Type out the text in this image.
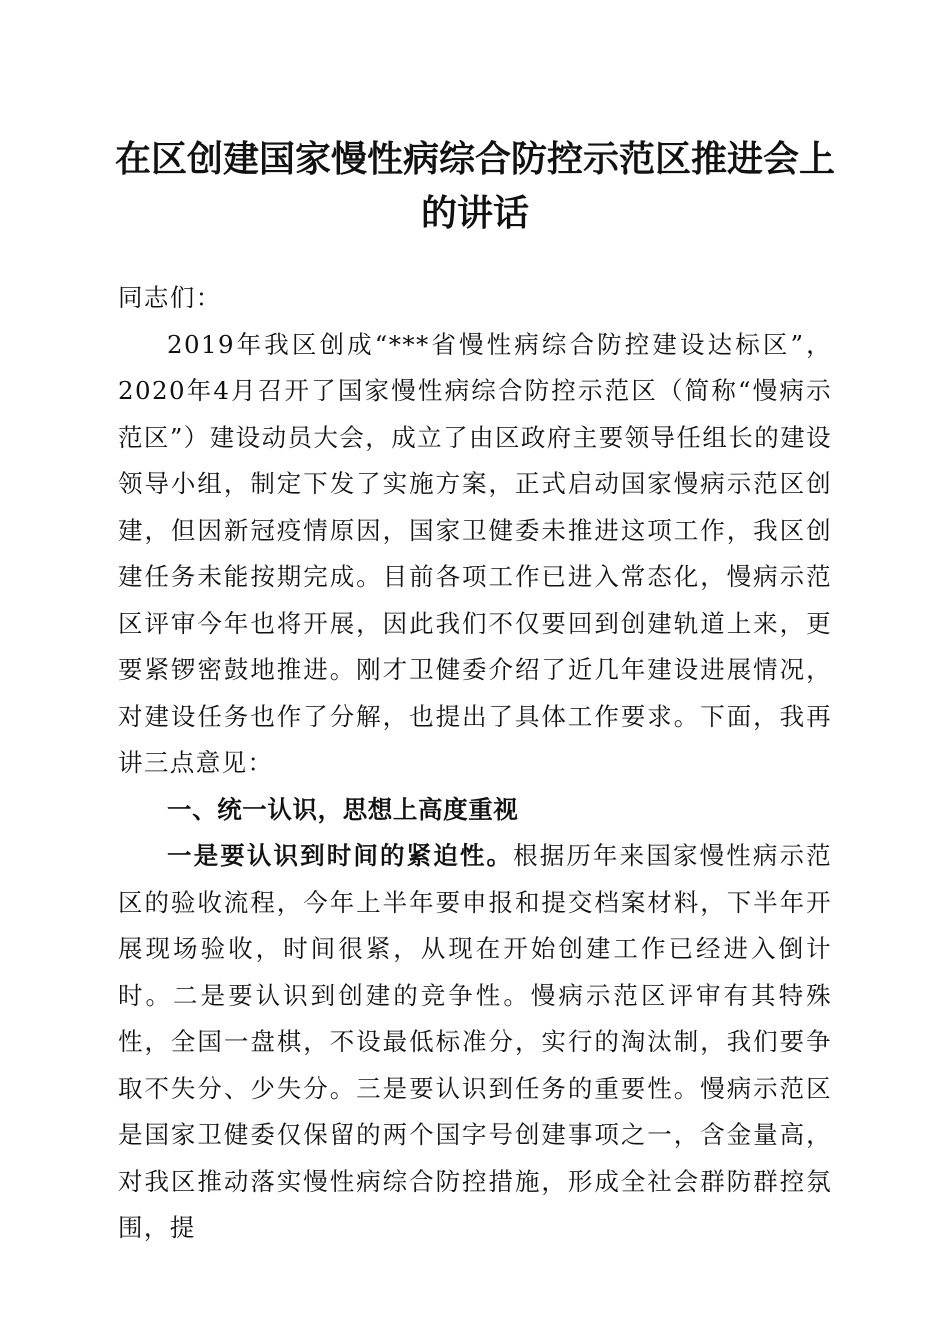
在区创建国家慢性病综合防控示范区推进会上的讲话

同志们：

2019年我区创成“***省慢性病综合防控建设达标区”，2020年4月召开了国家慢性病综合防控示范区（简称“慢病示范区”）建设动员大会，成立了由区政府主要领导任组长的建设领导小组，制定下发了实施方案，正式启动国家慢病示范区创建，但因新冠疫情原因，国家卫健委未推进这项工作，我区创建任务未能按期完成。目前各项工作已进入常态化，慢病示范区评审今年也将开展，因此我们不仅要回到创建轨道上来，更要紧锣密鼓地推进。刚才卫健委介绍了近几年建设进展情况，对建设任务也作了分解，也提出了具体工作要求。下面，我再讲三点意见：

一、统一认识，思想上高度重视

一是要认识到时间的紧迫性。根据历年来国家慢性病示范区的验收流程，今年上半年要申报和提交档案材料，下半年开展现场验收，时间很紧，从现在开始创建工作已经进入倒计时。二是要认识到创建的竞争性。慢病示范区评审有其特殊性，全国一盘棋，不设最低标准分，实行的淘汰制，我们要争取不失分、少失分。三是要认识到任务的重要性。慢病示范区是国家卫健委仅保留的两个国字号创建事项之一，含金量高，对我区推动落实慢性病综合防控措施，形成全社会群防群控氛围，提
